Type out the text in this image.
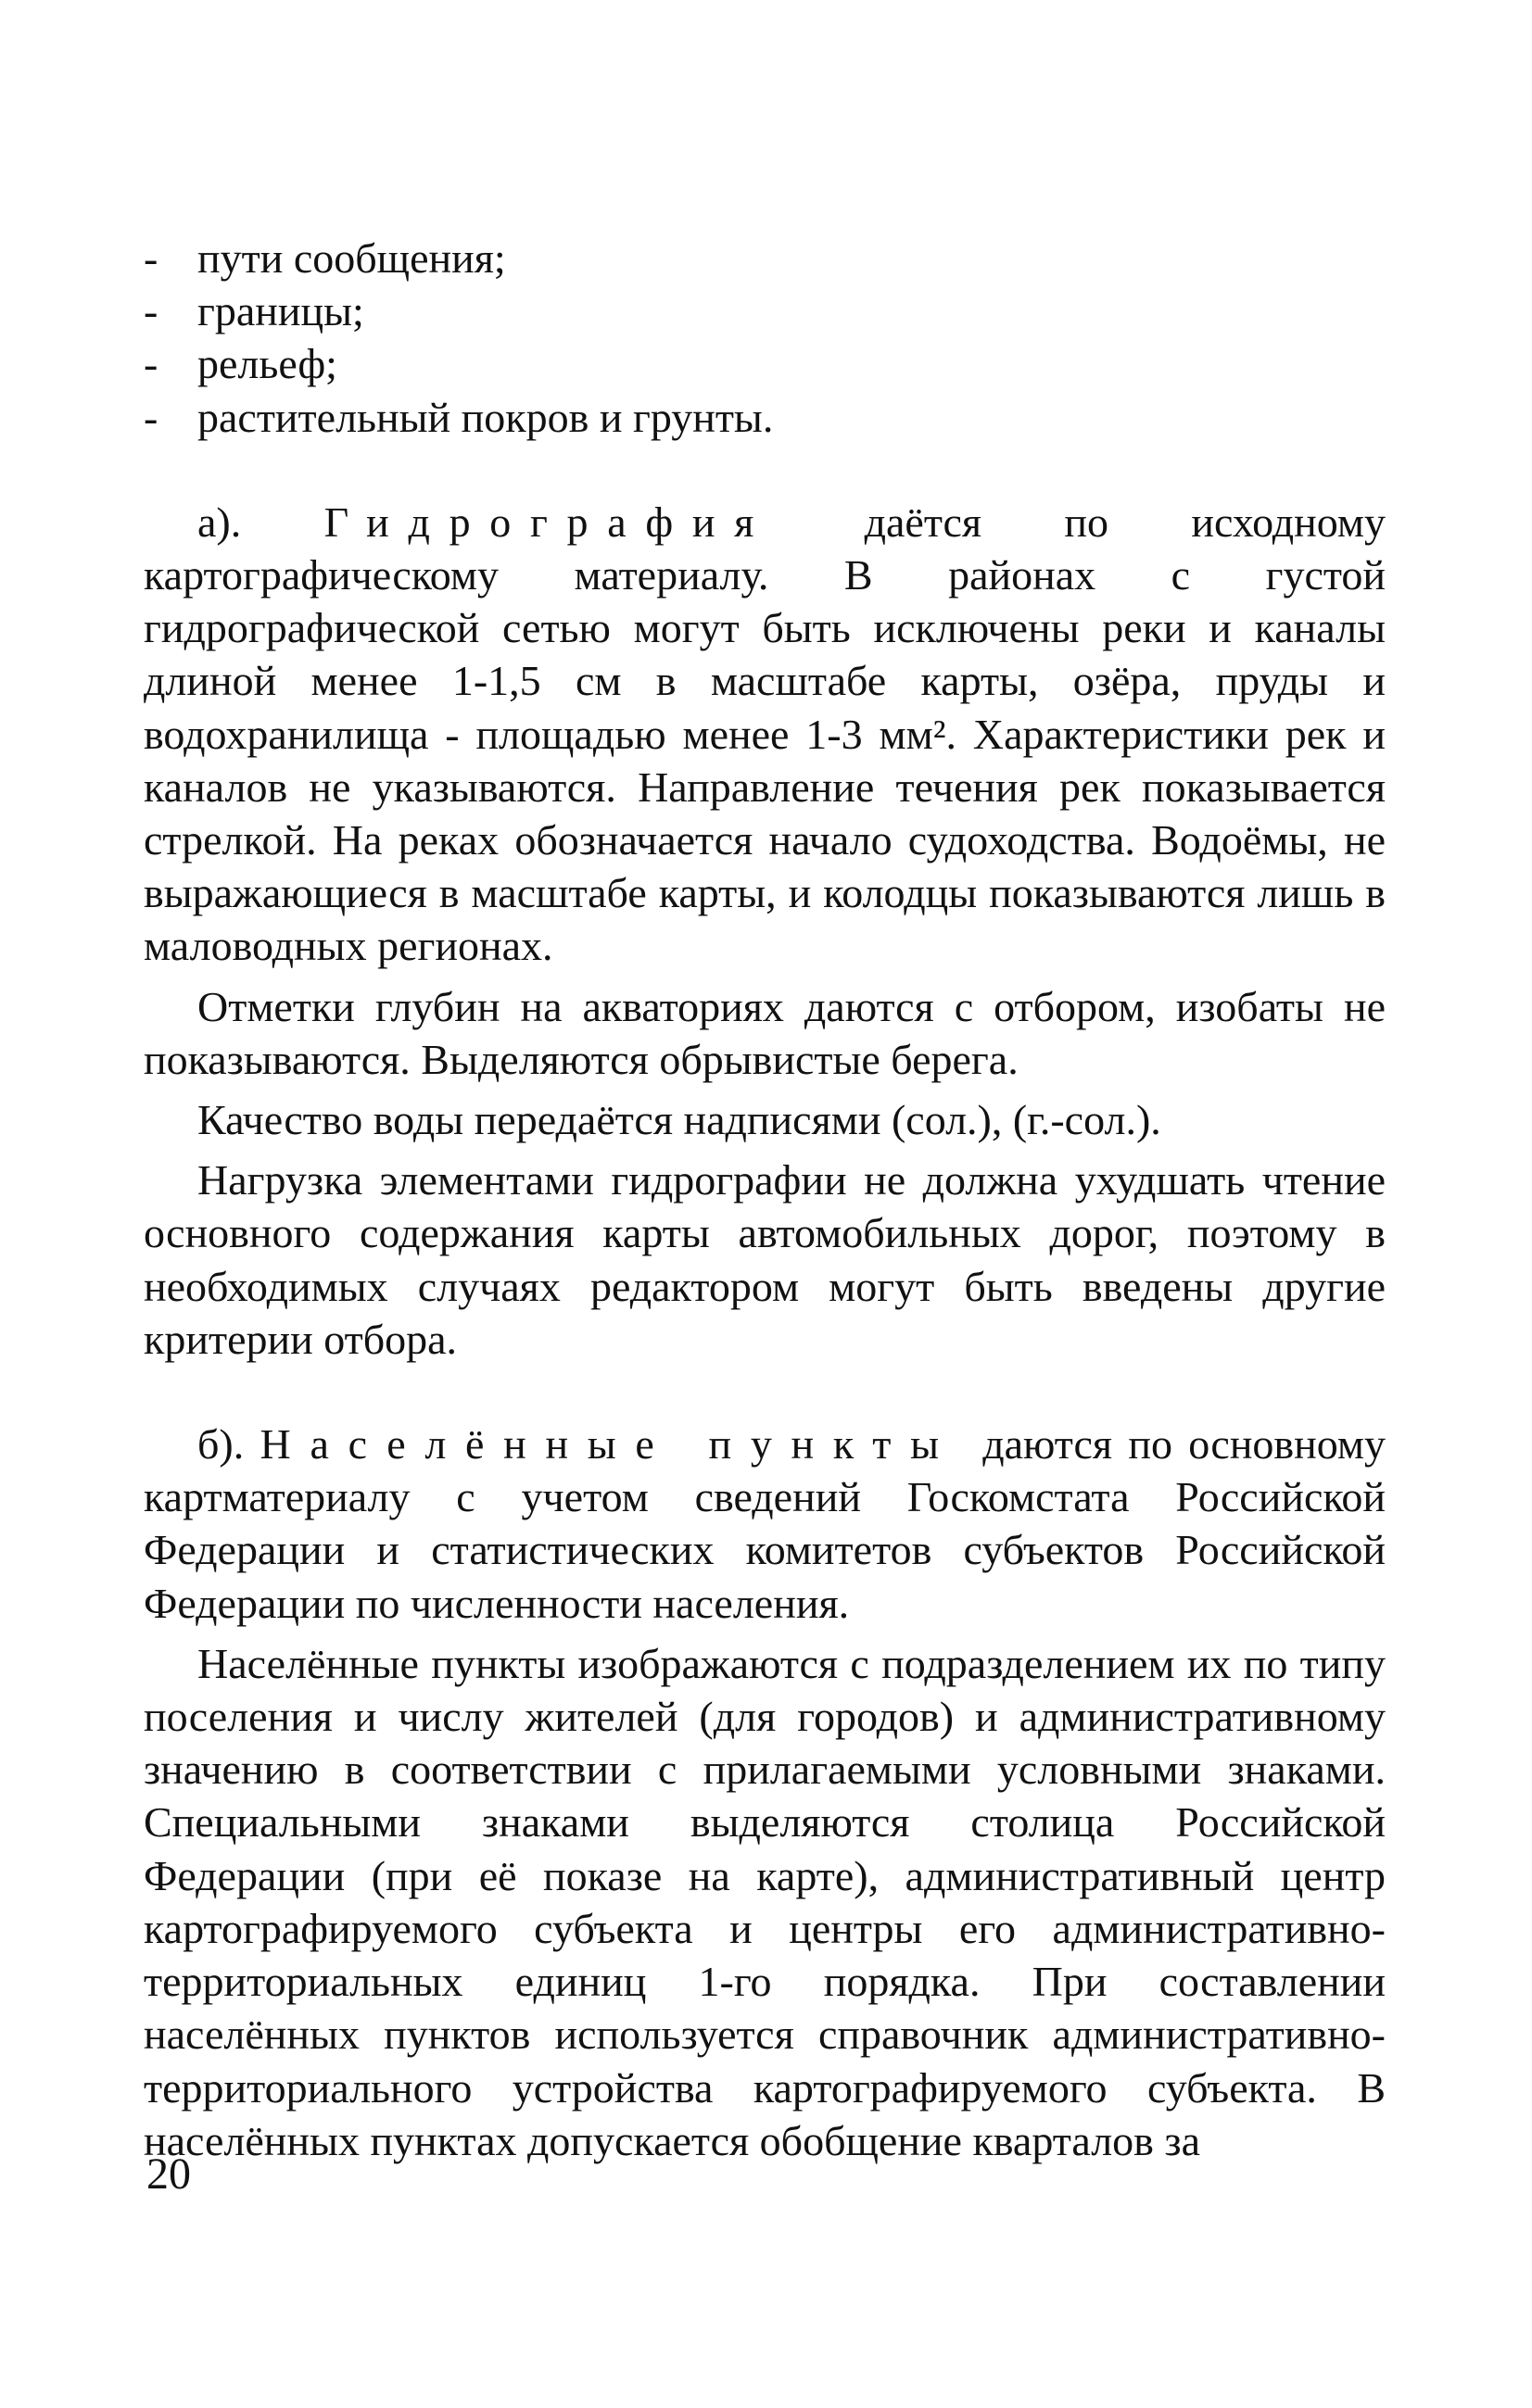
- пути сообщения;
- границы;
- рельеф;
- растительный покров и грунты.

а). Гидрография даётся по исходному картографическому материалу. В районах с густой гидрографической сетью могут быть исключены реки и каналы длиной менее 1-1,5 см в масштабе карты, озёра, пруды и водохранилища - площадью менее 1-3 мм². Характеристики рек и каналов не указываются. Направление течения рек показывается стрелкой. На реках обозначается начало судоходства. Водоёмы, не выражающиеся в масштабе карты, и колодцы показываются лишь в маловодных регионах.

Отметки глубин на акваториях даются с отбором, изобаты не показываются. Выделяются обрывистые берега.

Качество воды передаётся надписями (сол.), (г.-сол.).

Нагрузка элементами гидрографии не должна ухудшать чтение основного содержания карты автомобильных дорог, поэтому в необходимых случаях редактором могут быть введены другие критерии отбора.

б). Населённые пункты даются по основному картматериалу с учетом сведений Госкомстата Российской Федерации и статистических комитетов субъектов Российской Федерации по численности населения.

Населённые пункты изображаются с подразделением их по типу поселения и числу жителей (для городов) и административному значению в соответствии с прилагаемыми условными знаками. Специальными знаками выделяются столица Российской Федерации (при её показе на карте), административный центр картографируемого субъекта и центры его административно-территориальных единиц 1-го порядка. При составлении населённых пунктов используется справочник административно-территориального устройства картографируемого субъекта. В населённых пунктах допускается обобщение кварталов за

20
